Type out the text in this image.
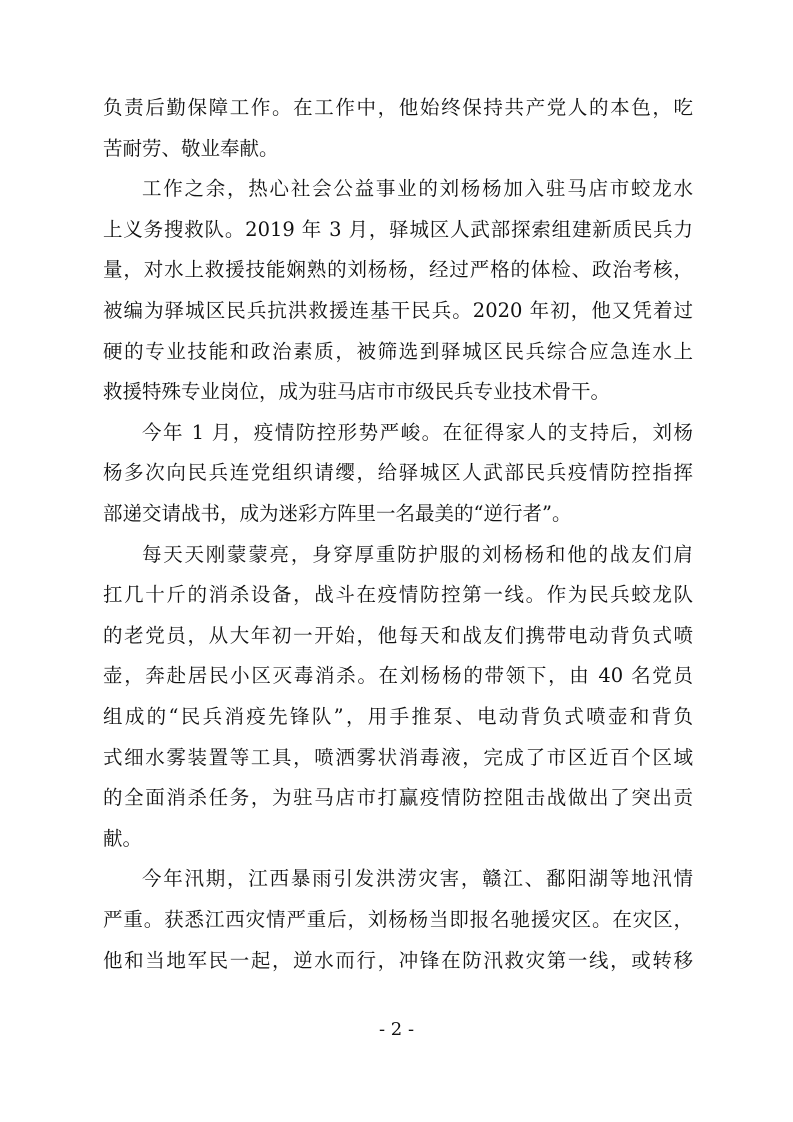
负责后勤保障工作。在工作中，他始终保持共产党人的本色，吃
苦耐劳、敬业奉献。
工作之余，热心社会公益事业的刘杨杨加入驻马店市蛟龙水
上义务搜救队。2019 年 3 月，驿城区人武部探索组建新质民兵力
量，对水上救援技能娴熟的刘杨杨，经过严格的体检、政治考核，
被编为驿城区民兵抗洪救援连基干民兵。2020 年初，他又凭着过
硬的专业技能和政治素质，被筛选到驿城区民兵综合应急连水上
救援特殊专业岗位，成为驻马店市市级民兵专业技术骨干。
今年 1 月，疫情防控形势严峻。在征得家人的支持后，刘杨
杨多次向民兵连党组织请缨，给驿城区人武部民兵疫情防控指挥
部递交请战书，成为迷彩方阵里一名最美的“逆行者”。
每天天刚蒙蒙亮，身穿厚重防护服的刘杨杨和他的战友们肩
扛几十斤的消杀设备，战斗在疫情防控第一线。作为民兵蛟龙队
的老党员，从大年初一开始，他每天和战友们携带电动背负式喷
壶，奔赴居民小区灭毒消杀。在刘杨杨的带领下，由 40 名党员
组成的“民兵消疫先锋队”，用手推泵、电动背负式喷壶和背负
式细水雾装置等工具，喷洒雾状消毒液，完成了市区近百个区域
的全面消杀任务，为驻马店市打赢疫情防控阻击战做出了突出贡
献。
今年汛期，江西暴雨引发洪涝灾害，赣江、鄱阳湖等地汛情
严重。获悉江西灾情严重后，刘杨杨当即报名驰援灾区。在灾区，
他和当地军民一起，逆水而行，冲锋在防汛救灾第一线，或转移
- 2 -
